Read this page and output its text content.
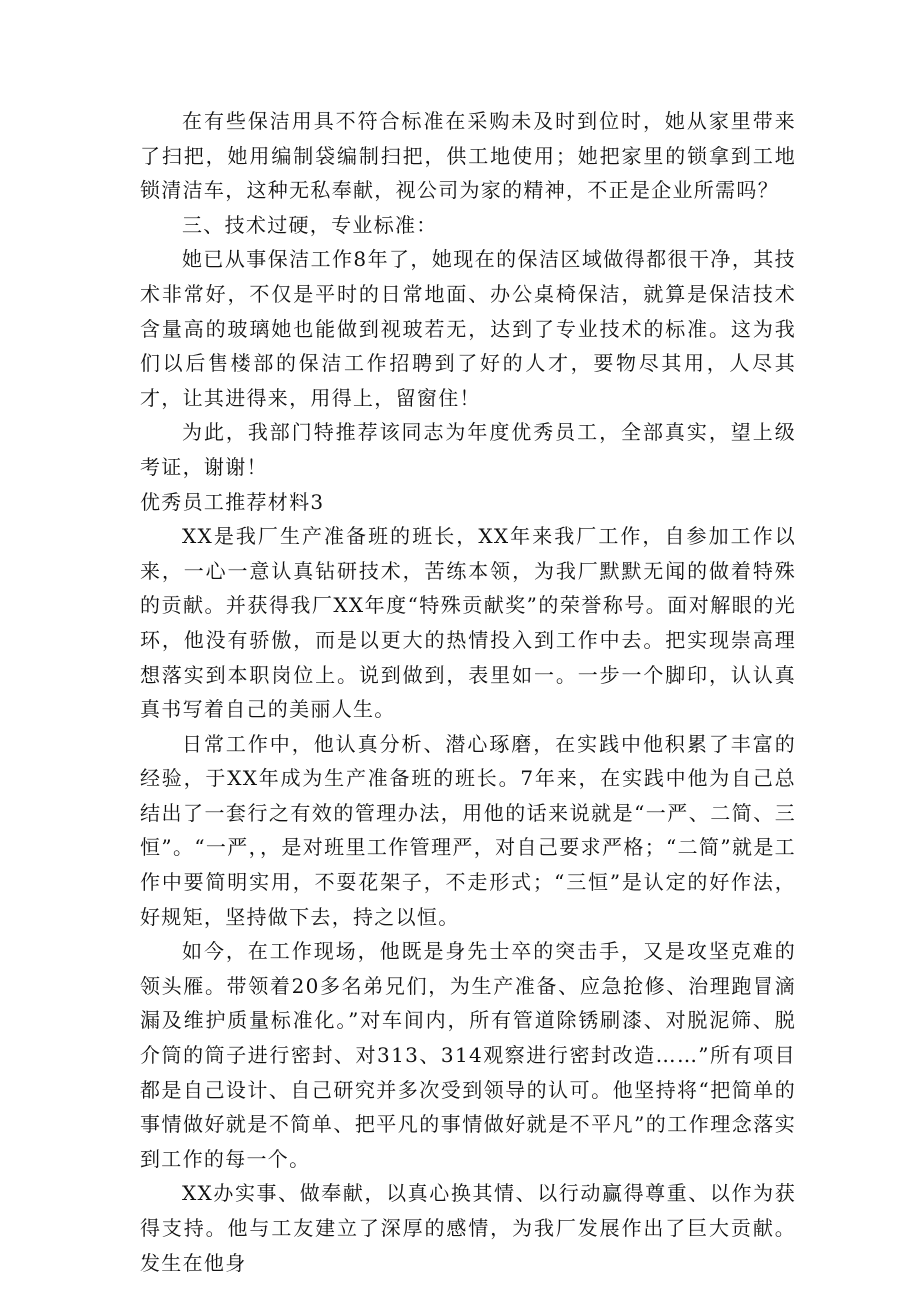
在有些保洁用具不符合标准在采购未及时到位时，她从家里带来了扫把，她用编制袋编制扫把，供工地使用；她把家里的锁拿到工地锁清洁车，这种无私奉献，视公司为家的精神，不正是企业所需吗？

三、技术过硬，专业标准：

她已从事保洁工作8年了，她现在的保洁区域做得都很干净，其技术非常好，不仅是平时的日常地面、办公桌椅保洁，就算是保洁技术含量高的玻璃她也能做到视玻若无，达到了专业技术的标准。这为我们以后售楼部的保洁工作招聘到了好的人才，要物尽其用，人尽其才，让其进得来，用得上，留窗住！

为此，我部门特推荐该同志为年度优秀员工，全部真实，望上级考证，谢谢！

优秀员工推荐材料3

XX是我厂生产准备班的班长，XX年来我厂工作，自参加工作以来，一心一意认真钻研技术，苦练本领，为我厂默默无闻的做着特殊的贡献。并获得我厂XX年度“特殊贡献奖”的荣誉称号。面对解眼的光环，他没有骄傲，而是以更大的热情投入到工作中去。把实现崇高理想落实到本职岗位上。说到做到，表里如一。一步一个脚印，认认真真书写着自己的美丽人生。

日常工作中，他认真分析、潜心琢磨，在实践中他积累了丰富的经验，于XX年成为生产准备班的班长。7年来，在实践中他为自己总结出了一套行之有效的管理办法，用他的话来说就是“一严、二简、三恒”。“一严，，是对班里工作管理严，对自己要求严格；“二简”就是工作中要简明实用，不耍花架子，不走形式；“三恒”是认定的好作法，好规矩，坚持做下去，持之以恒。

如今，在工作现场，他既是身先士卒的突击手，又是攻坚克难的领头雁。带领着20多名弟兄们，为生产准备、应急抢修、治理跑冒滴漏及维护质量标准化。”对车间内，所有管道除锈刷漆、对脱泥筛、脱介筒的筒子进行密封、对313、314观察进行密封改造……”所有项目都是自己设计、自己研究并多次受到领导的认可。他坚持将“把简单的事情做好就是不简单、把平凡的事情做好就是不平凡”的工作理念落实到工作的每一个。

XX办实事、做奉献，以真心换其情、以行动赢得尊重、以作为获得支持。他与工友建立了深厚的感情，为我厂发展作出了巨大贡献。发生在他身
